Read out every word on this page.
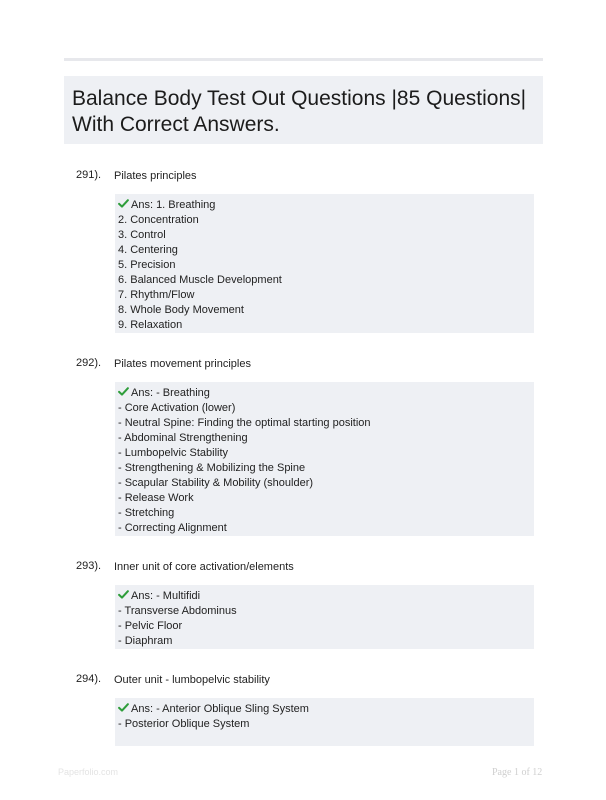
Balance Body Test Out Questions |85 Questions| With Correct Answers.
291). Pilates principles
Ans: 1. Breathing
2. Concentration
3. Control
4. Centering
5. Precision
6. Balanced Muscle Development
7. Rhythm/Flow
8. Whole Body Movement
9. Relaxation
292). Pilates movement principles
Ans: - Breathing
- Core Activation (lower)
- Neutral Spine: Finding the optimal starting position
- Abdominal Strengthening
- Lumbopelvic Stability
- Strengthening & Mobilizing the Spine
- Scapular Stability & Mobility (shoulder)
- Release Work
- Stretching
- Correcting Alignment
293). Inner unit of core activation/elements
Ans: - Multifidi
- Transverse Abdominus
- Pelvic Floor
- Diaphram
294). Outer unit - lumbopelvic stability
Ans: - Anterior Oblique Sling System
- Posterior Oblique System
Paperfolio.com	Page 1 of 12
